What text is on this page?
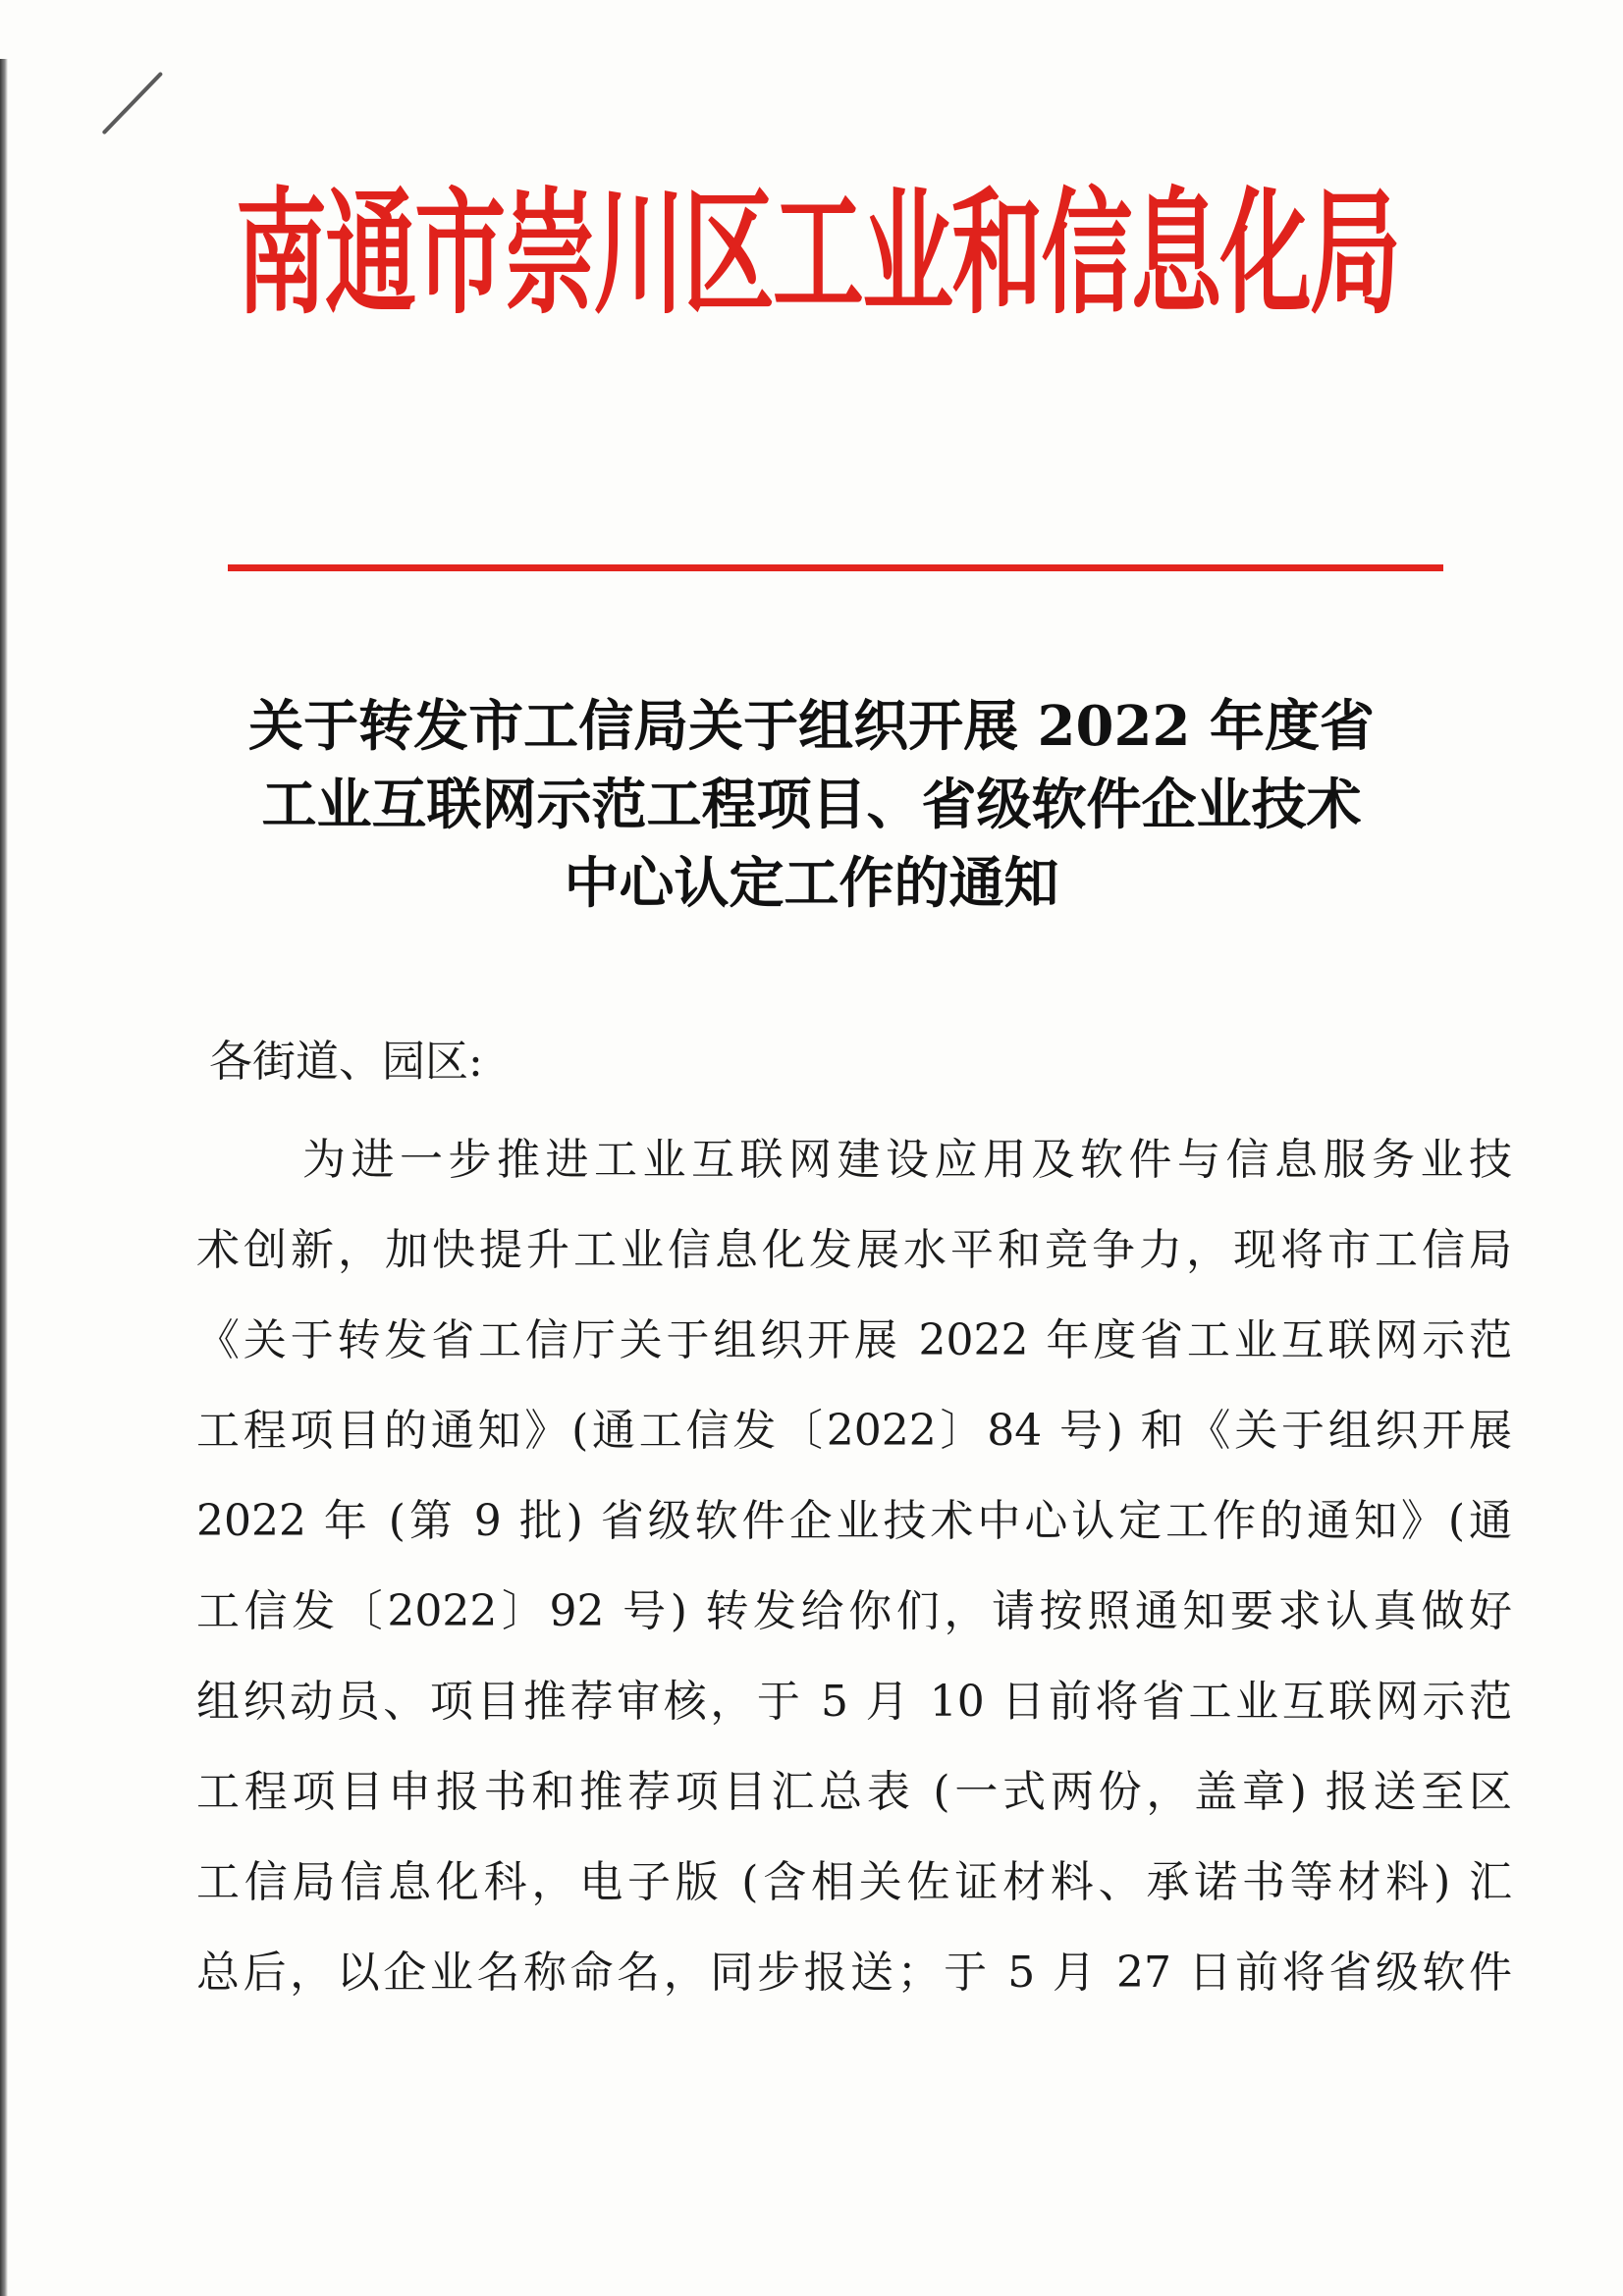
南通市崇川区工业和信息化局
关于转发市工信局关于组织开展 2022 年度省
工业互联网示范工程项目、省级软件企业技术
中心认定工作的通知

各街道、园区:

为进一步推进工业互联网建设应用及软件与信息服务业技
术创新，加快提升工业信息化发展水平和竞争力，现将市工信局
《关于转发省工信厅关于组织开展 2022 年度省工业互联网示范
工程项目的通知》(通工信发〔2022〕84 号) 和《关于组织开展
2022 年 (第 9 批) 省级软件企业技术中心认定工作的通知》(通
工信发〔2022〕92 号) 转发给你们，请按照通知要求认真做好
组织动员、项目推荐审核，于 5 月 10 日前将省工业互联网示范
工程项目申报书和推荐项目汇总表 (一式两份，盖章) 报送至区
工信局信息化科，电子版 (含相关佐证材料、承诺书等材料) 汇
总后，以企业名称命名，同步报送；于 5 月 27 日前将省级软件
